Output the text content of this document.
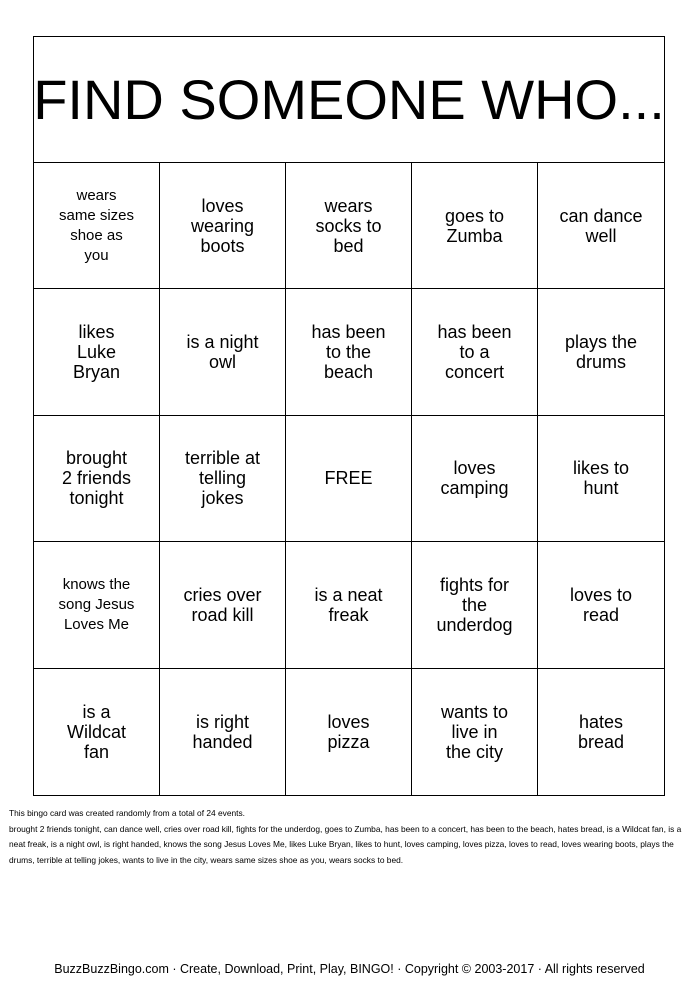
FIND SOMEONE WHO...
wears same sizes shoe as you
loves wearing boots
wears socks to bed
goes to Zumba
can dance well
likes Luke Bryan
is a night owl
has been to the beach
has been to a concert
plays the drums
brought 2 friends tonight
terrible at telling jokes
FREE	loves camping
likes to hunt
knows the song Jesus Loves Me
cries over road kill
is a neat freak
fights for the underdog
loves to read
is a Wildcat fan
is right handed
loves pizza
wants to live in the city
hates bread
This bingo card was created randomly from a total of 24 events.
brought 2 friends tonight, can dance well, cries over road kill, fights for the underdog, goes to Zumba, has been to a concert, has been to the beach, hates bread, is a Wildcat fan, is a neat freak, is a night owl, is right handed, knows the song Jesus Loves Me, likes Luke Bryan, likes to hunt, loves camping, loves pizza, loves to read, loves wearing boots, plays the drums, terrible at telling jokes, wants to live in the city, wears same sizes shoe as you, wears socks to bed.
BuzzBuzzBingo.com · Create, Download, Print, Play, BINGO! · Copyright © 2003-2017 · All rights reserved
